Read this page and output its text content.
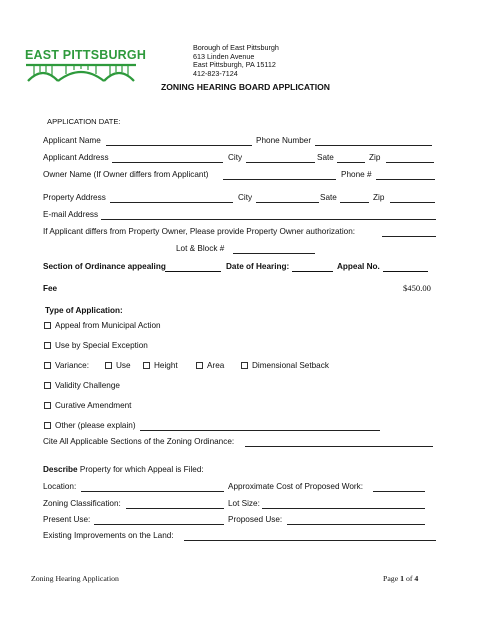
EAST PITTSBURGH
Borough of East Pittsburgh
613 Linden Avenue
East Pittsburgh, PA 15112
412-823-7124
ZONING HEARING BOARD APPLICATION
APPLICATION DATE:
Applicant Name	Phone Number
Applicant Address	City	Sate	Zip
Owner Name (If Owner differs from Applicant)	Phone #
Property Address	City	Sate	Zip
E-mail Address
If Applicant differs from Property Owner, Please provide Property Owner authorization:
Lot & Block #
Section of Ordinance appealing	Date of Hearing:	Appeal No.
Fee	$450.00
Type of Application:
Appeal from Municipal Action
Use by Special Exception
Variance:	Use	Height	Area	Dimensional Setback
Validity Challenge
Curative Amendment
Other (please explain)
Cite All Applicable Sections of the Zoning Ordinance:
Describe Property for which Appeal is Filed:
Location:	Approximate Cost of Proposed Work:
Zoning Classification:	Lot Size:
Present Use:	Proposed Use:
Existing Improvements on the Land:
Zoning Hearing Application	Page 1 of 4
